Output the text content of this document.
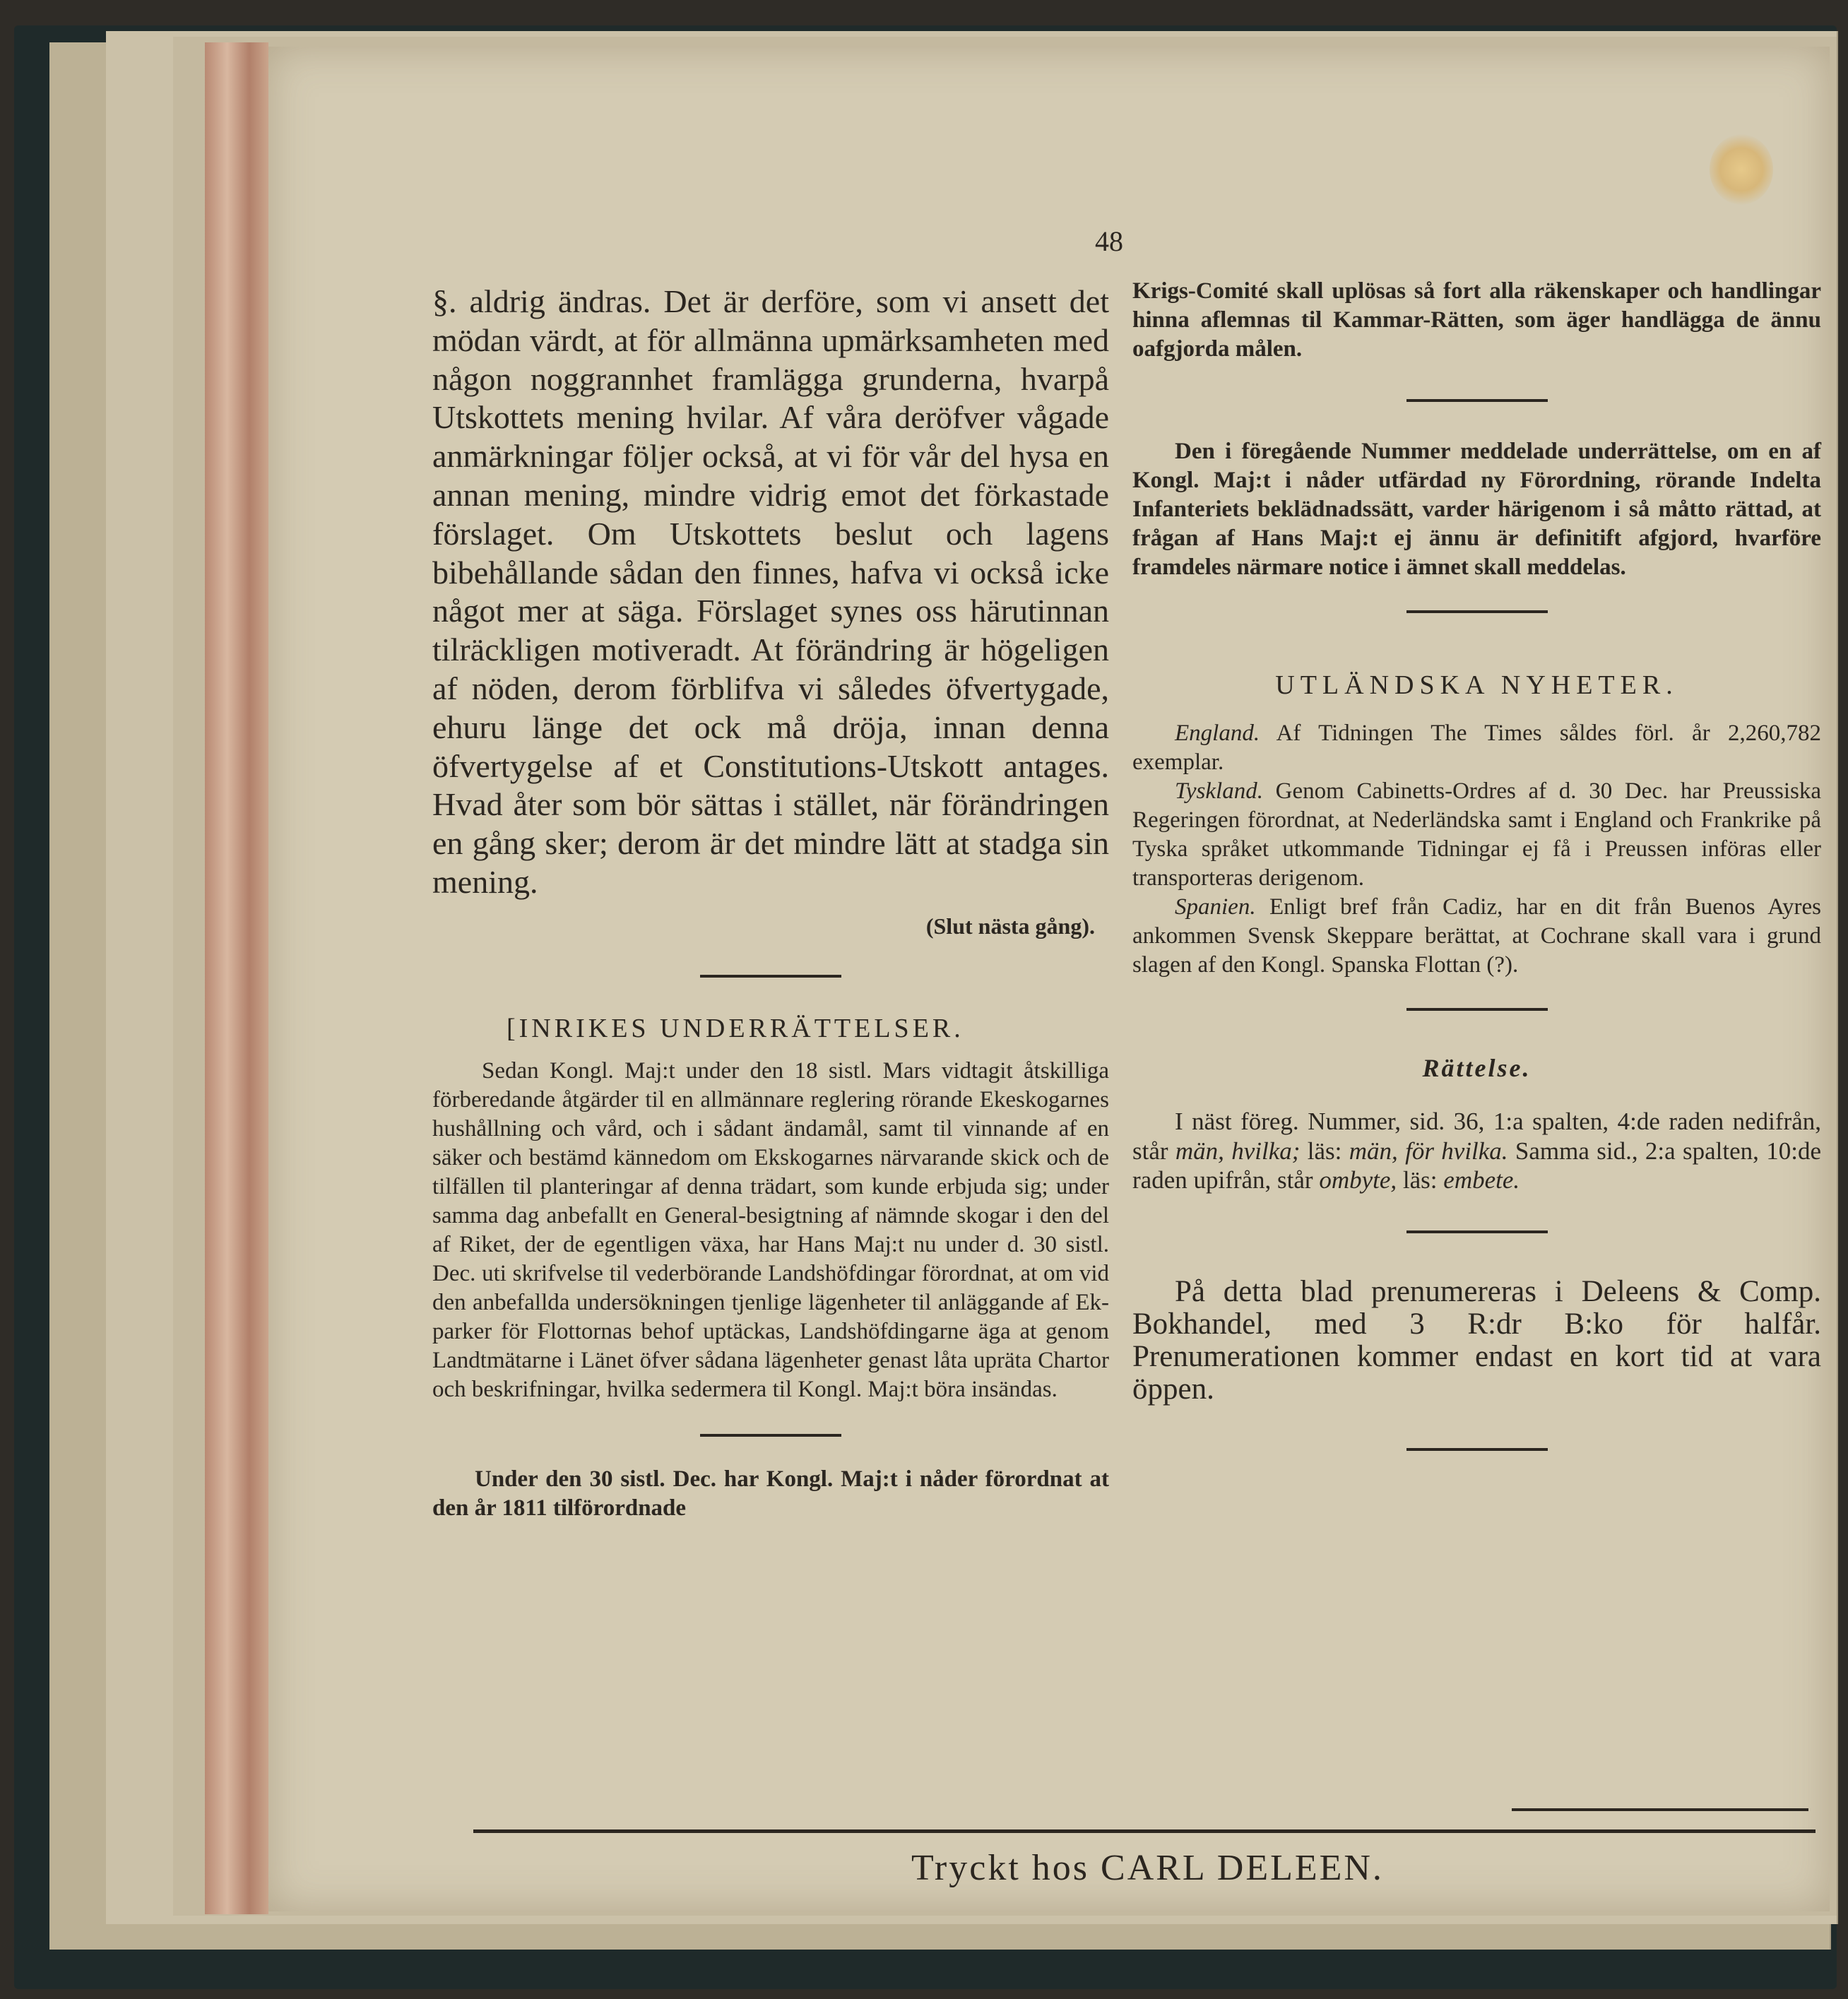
48

§. aldrig ändras. Det är derföre, som vi ansett det mödan värdt, at för allmänna upmärksamheten med någon noggrannhet framlägga grunderna, hvarpå Utskottets mening hvilar. Af våra deröfver vågade anmärkningar följer också, at vi för vår del hysa en annan mening, mindre vidrig emot det förkastade förslaget. Om Utskottets beslut och lagens bibehållande sådan den finnes, hafva vi också icke något mer at säga. Förslaget synes oss härutinnan tilräckligen motiveradt. At förändring är högeligen af nöden, derom förblifva vi således öfvertygade, ehuru länge det ock må dröja, innan denna öfvertygelse af et Constitutions-Utskott antages. Hvad åter som bör sättas i stället, när förändringen en gång sker; derom är det mindre lätt at stadga sin mening.

(Slut nästa gång).

[INRIKES UNDERRÄTTELSER.

Sedan Kongl. Maj:t under den 18 sistl. Mars vidtagit åtskilliga förberedande åtgärder til en allmännare reglering rörande Ekeskogarnes hushållning och vård, och i sådant ändamål, samt til vinnande af en säker och bestämd kännedom om Ekskogarnes närvarande skick och de tilfällen til planteringar af denna trädart, som kunde erbjuda sig; under samma dag anbefallt en General-besigtning af nämnde skogar i den del af Riket, der de egentligen växa, har Hans Maj:t nu under d. 30 sistl. Dec. uti skrifvelse til vederbörande Landshöfdingar förordnat, at om vid den anbefallda undersökningen tjenlige lägenheter til anläggande af Ek-parker för Flottornas behof uptäckas, Landshöfdingarne äga at genom Landtmätarne i Länet öfver sådana lägenheter genast låta upräta Chartor och beskrifningar, hvilka sedermera til Kongl. Maj:t böra insändas.

Under den 30 sistl. Dec. har Kongl. Maj:t i nåder förordnat at den år 1811 tilförordnade

Krigs-Comité skall uplösas så fort alla räkenskaper och handlingar hinna aflemnas til Kammar-Rätten, som äger handlägga de ännu oafgjorda målen.

Den i föregående Nummer meddelade underrättelse, om en af Kongl. Maj:t i nåder utfärdad ny Förordning, rörande Indelta Infanteriets beklädnadssätt, varder härigenom i så måtto rättad, at frågan af Hans Maj:t ej ännu är definitift afgjord, hvarföre framdeles närmare notice i ämnet skall meddelas.

UTLÄNDSKA NYHETER.

England. Af Tidningen The Times såldes förl. år 2,260,782 exemplar.

Tyskland. Genom Cabinetts-Ordres af d. 30 Dec. har Preussiska Regeringen förordnat, at Nederländska samt i England och Frankrike på Tyska språket utkommande Tidningar ej få i Preussen införas eller transporteras derigenom.

Spanien. Enligt bref från Cadiz, har en dit från Buenos Ayres ankommen Svensk Skeppare berättat, at Cochrane skall vara i grund slagen af den Kongl. Spanska Flottan (?).

Rättelse.

I näst föreg. Nummer, sid. 36, 1:a spalten, 4:de raden nedifrån, står män, hvilka; läs: män, för hvilka. Samma sid., 2:a spalten, 10:de raden upifrån, står ombyte, läs: embete.

På detta blad prenumereras i Deleens & Comp. Bokhandel, med 3 R:dr B:ko för halfår. Prenumerationen kommer endast en kort tid at vara öppen.

Tryckt hos CARL DELEEN.
